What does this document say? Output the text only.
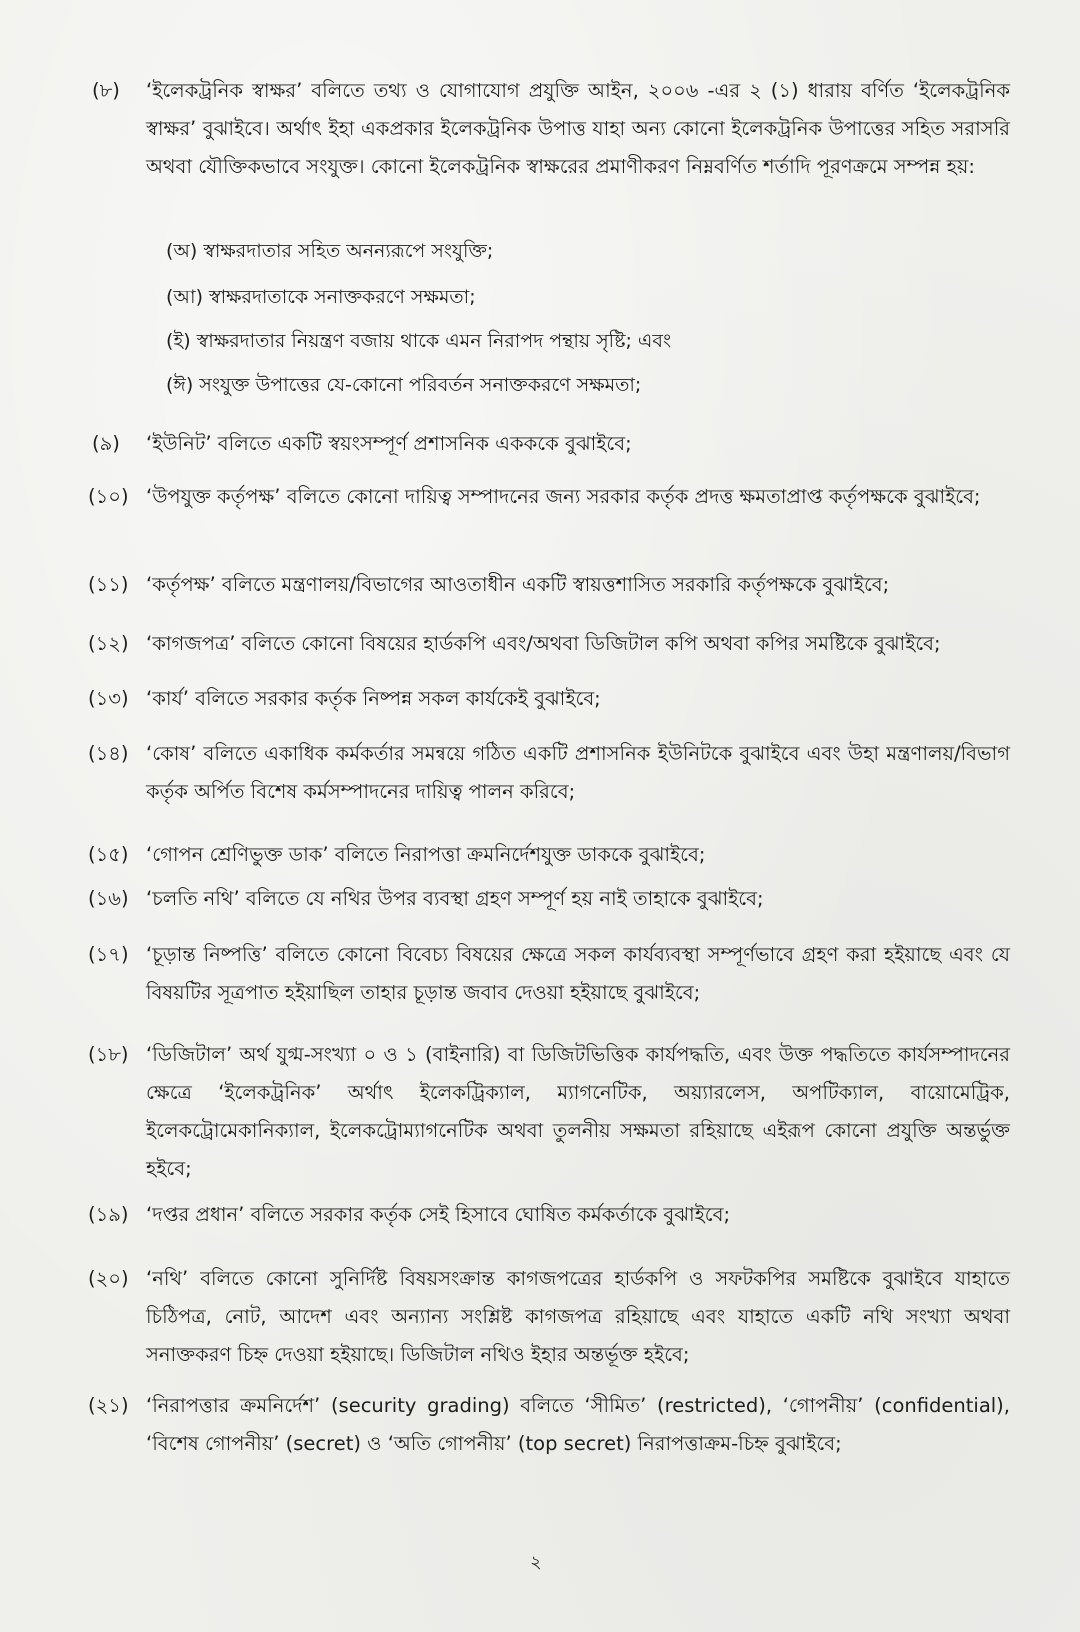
(৮) ‘ইলেকট্রনিক স্বাক্ষর’ বলিতে তথ্য ও যোগাযোগ প্রযুক্তি আইন, ২০০৬ -এর ২ (১) ধারায় বর্ণিত ‘ইলেকট্রনিক স্বাক্ষর’ বুঝাইবে। অর্থাৎ ইহা একপ্রকার ইলেকট্রনিক উপাত্ত যাহা অন্য কোনো ইলেকট্রনিক উপাত্তের সহিত সরাসরি অথবা যৌক্তিকভাবে সংযুক্ত। কোনো ইলেকট্রনিক স্বাক্ষরের প্রমাণীকরণ নিম্নবর্ণিত শর্তাদি পূরণক্রমে সম্পন্ন হয়:
(অ) স্বাক্ষরদাতার সহিত অনন্যরূপে সংযুক্তি;
(আ) স্বাক্ষরদাতাকে সনাক্তকরণে সক্ষমতা;
(ই) স্বাক্ষরদাতার নিয়ন্ত্রণ বজায় থাকে এমন নিরাপদ পন্থায় সৃষ্টি; এবং
(ঈ) সংযুক্ত উপাত্তের যে-কোনো পরিবর্তন সনাক্তকরণে সক্ষমতা;
(৯) ‘ইউনিট’ বলিতে একটি স্বয়ংসম্পূর্ণ প্রশাসনিক একককে বুঝাইবে;
(১০) ‘উপযুক্ত কর্তৃপক্ষ’ বলিতে কোনো দায়িত্ব সম্পাদনের জন্য সরকার কর্তৃক প্রদত্ত ক্ষমতাপ্রাপ্ত কর্তৃপক্ষকে বুঝাইবে;
(১১) ‘কর্তৃপক্ষ’ বলিতে মন্ত্রণালয়/বিভাগের আওতাধীন একটি স্বায়ত্তশাসিত সরকারি কর্তৃপক্ষকে বুঝাইবে;
(১২) ‘কাগজপত্র’ বলিতে কোনো বিষয়ের হার্ডকপি এবং/অথবা ডিজিটাল কপি অথবা কপির সমষ্টিকে বুঝাইবে;
(১৩) ‘কার্য’ বলিতে সরকার কর্তৃক নিষ্পন্ন সকল কার্যকেই বুঝাইবে;
(১৪) ‘কোষ’ বলিতে একাধিক কর্মকর্তার সমন্বয়ে গঠিত একটি প্রশাসনিক ইউনিটকে বুঝাইবে এবং উহা মন্ত্রণালয়/বিভাগ কর্তৃক অর্পিত বিশেষ কর্মসম্পাদনের দায়িত্ব পালন করিবে;
(১৫) ‘গোপন শ্রেণিভুক্ত ডাক’ বলিতে নিরাপত্তা ক্রমনির্দেশযুক্ত ডাককে বুঝাইবে;
(১৬) ‘চলতি নথি’ বলিতে যে নথির উপর ব্যবস্থা গ্রহণ সম্পূর্ণ হয় নাই তাহাকে বুঝাইবে;
(১৭) ‘চূড়ান্ত নিষ্পত্তি’ বলিতে কোনো বিবেচ্য বিষয়ের ক্ষেত্রে সকল কার্যব্যবস্থা সম্পূর্ণভাবে গ্রহণ করা হইয়াছে এবং যে বিষয়টির সূত্রপাত হইয়াছিল তাহার চূড়ান্ত জবাব দেওয়া হইয়াছে বুঝাইবে;
(১৮) ‘ডিজিটাল’ অর্থ যুগ্ম-সংখ্যা ০ ও ১ (বাইনারি) বা ডিজিটভিত্তিক কার্যপদ্ধতি, এবং উক্ত পদ্ধতিতে কার্যসম্পাদনের ক্ষেত্রে ‘ইলেকট্রনিক’ অর্থাৎ ইলেকট্রিক্যাল, ম্যাগনেটিক, অয়্যারলেস, অপটিক্যাল, বায়োমেট্রিক, ইলেকট্রোমেকানিক্যাল, ইলেকট্রোম্যাগনেটিক অথবা তুলনীয় সক্ষমতা রহিয়াছে এইরূপ কোনো প্রযুক্তি অন্তর্ভুক্ত হইবে;
(১৯) ‘দপ্তর প্রধান’ বলিতে সরকার কর্তৃক সেই হিসাবে ঘোষিত কর্মকর্তাকে বুঝাইবে;
(২০) ‘নথি’ বলিতে কোনো সুনির্দিষ্ট বিষয়সংক্রান্ত কাগজপত্রের হার্ডকপি ও সফটকপির সমষ্টিকে বুঝাইবে যাহাতে চিঠিপত্র, নোট, আদেশ এবং অন্যান্য সংশ্লিষ্ট কাগজপত্র রহিয়াছে এবং যাহাতে একটি নথি সংখ্যা অথবা সনাক্তকরণ চিহ্ন দেওয়া হইয়াছে। ডিজিটাল নথিও ইহার অন্তর্ভূক্ত হইবে;
(২১) ‘নিরাপত্তার ক্রমনির্দেশ’ (security grading) বলিতে ‘সীমিত’ (restricted), ‘গোপনীয়’ (confidential), ‘বিশেষ গোপনীয়’ (secret) ও ‘অতি গোপনীয়’ (top secret) নিরাপত্তাক্রম-চিহ্ন বুঝাইবে;
২
